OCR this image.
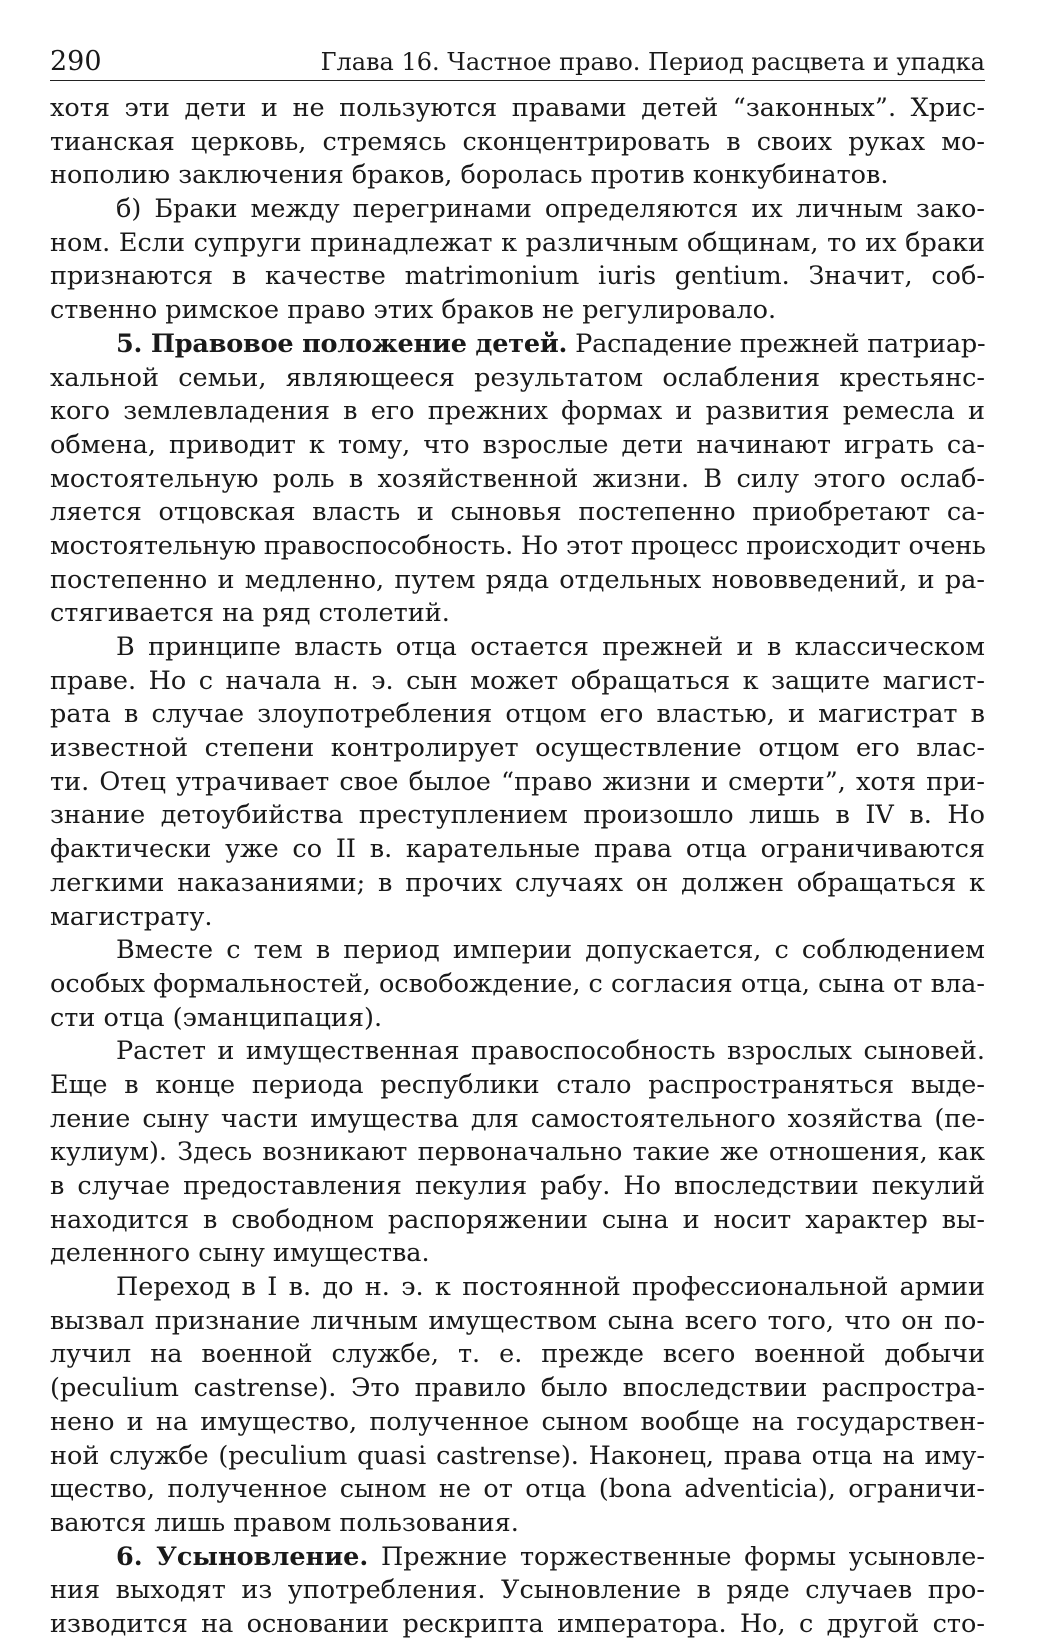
290	Глава 16. Частное право. Период расцвета и упадка
хотя эти дети и не пользуются правами детей “законных”. Хрис-
тианская церковь, стремясь сконцентрировать в своих руках мо-
нополию заключения браков, боролась против конкубинатов.
б) Браки между перегринами определяются их личным зако-
ном. Если супруги принадлежат к различным общинам, то их браки
признаются в качестве matrimonium iuris gentium. Значит, соб-
ственно римское право этих браков не регулировало.
5. Правовое положение детей. Распадение прежней патриар-
хальной семьи, являющееся результатом ослабления крестьянс-
кого землевладения в его прежних формах и развития ремесла и
обмена, приводит к тому, что взрослые дети начинают играть са-
мостоятельную роль в хозяйственной жизни. В силу этого ослаб-
ляется отцовская власть и сыновья постепенно приобретают са-
мостоятельную правоспособность. Но этот процесс происходит очень
постепенно и медленно, путем ряда отдельных нововведений, и ра-
стягивается на ряд столетий.
В принципе власть отца остается прежней и в классическом
праве. Но с начала н. э. сын может обращаться к защите магист-
рата в случае злоупотребления отцом его властью, и магистрат в
известной степени контролирует осуществление отцом его влас-
ти. Отец утрачивает свое былое “право жизни и смерти”, хотя при-
знание детоубийства преступлением произошло лишь в IV в. Но
фактически уже со II в. карательные права отца ограничиваются
легкими наказаниями; в прочих случаях он должен обращаться к
магистрату.
Вместе с тем в период империи допускается, с соблюдением
особых формальностей, освобождение, с согласия отца, сына от вла-
сти отца (эманципация).
Растет и имущественная правоспособность взрослых сыновей.
Еще в конце периода республики стало распространяться выде-
ление сыну части имущества для самостоятельного хозяйства (пе-
кулиум). Здесь возникают первоначально такие же отношения, как
в случае предоставления пекулия рабу. Но впоследствии пекулий
находится в свободном распоряжении сына и носит характер вы-
деленного сыну имущества.
Переход в I в. до н. э. к постоянной профессиональной армии
вызвал признание личным имуществом сына всего того, что он по-
лучил на военной службе, т. е. прежде всего военной добычи
(peculium castrense). Это правило было впоследствии распростра-
нено и на имущество, полученное сыном вообще на государствен-
ной службе (peculium quasi castrense). Наконец, права отца на иму-
щество, полученное сыном не от отца (bona adventicia), ограничи-
ваются лишь правом пользования.
6. Усыновление. Прежние торжественные формы усыновле-
ния выходят из употребления. Усыновление в ряде случаев про-
изводится на основании рескрипта императора. Но, с другой сто-
